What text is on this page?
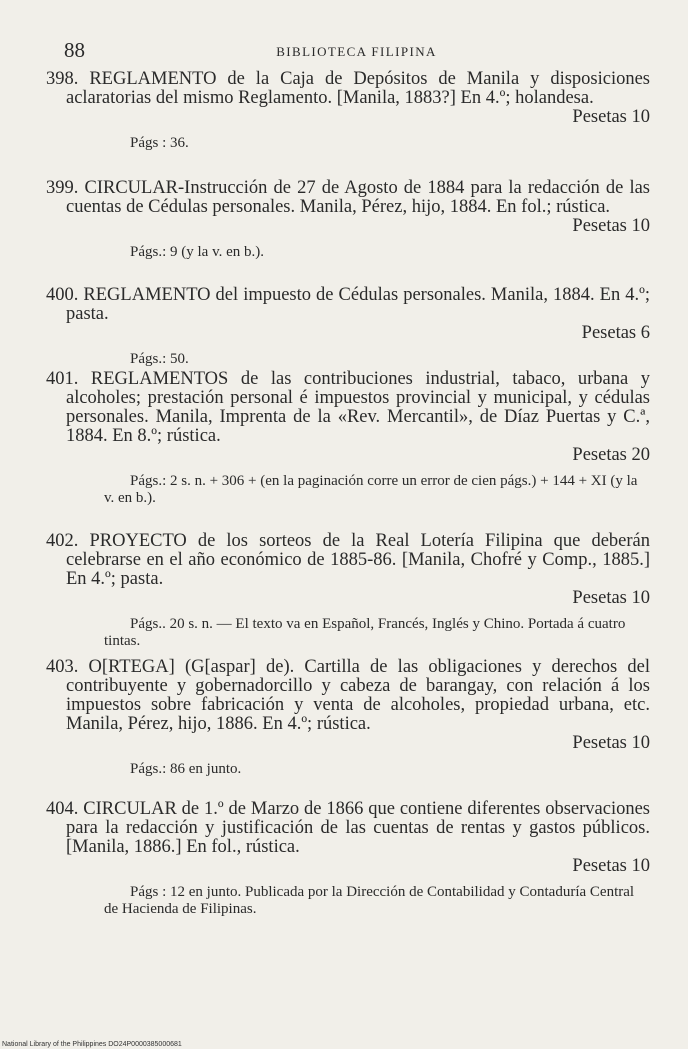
88	BIBLIOTECA FILIPINA
398. REGLAMENTO de la Caja de Depósitos de Manila y disposiciones aclaratorias del mismo Reglamento. [Manila, 1883?] En 4.º; holandesa.
Pesetas 10
Págs : 36.
399. CIRCULAR-Instrucción de 27 de Agosto de 1884 para la redacción de las cuentas de Cédulas personales. Manila, Pérez, hijo, 1884. En fol.; rústica.
Pesetas 10
Págs.: 9 (y la v. en b.).
400. REGLAMENTO del impuesto de Cédulas personales. Manila, 1884. En 4.º; pasta.
Pesetas 6
Págs.: 50.
401. REGLAMENTOS de las contribuciones industrial, tabaco, urbana y alcoholes; prestación personal é impuestos provincial y municipal, y cédulas personales. Manila, Imprenta de la «Rev. Mercantil», de Díaz Puertas y C.ª, 1884. En 8.º; rústica.
Pesetas 20
Págs.: 2 s. n. + 306 + (en la paginación corre un error de cien págs.) + 144 + XI (y la v. en b.).
402. PROYECTO de los sorteos de la Real Lotería Filipina que deberán celebrarse en el año económico de 1885-86. [Manila, Chofré y Comp., 1885.] En 4.º; pasta.
Pesetas 10
Págs.. 20 s. n. — El texto va en Español, Francés, Inglés y Chino. Portada á cuatro tintas.
403. O[RTEGA] (G[aspar] de). Cartilla de las obligaciones y derechos del contribuyente y gobernadorcillo y cabeza de barangay, con relación á los impuestos sobre fabricación y venta de alcoholes, propiedad urbana, etc. Manila, Pérez, hijo, 1886. En 4.º; rústica.
Pesetas 10
Págs.: 86 en junto.
404. CIRCULAR de 1.º de Marzo de 1866 que contiene diferentes observaciones para la redacción y justificación de las cuentas de rentas y gastos públicos. [Manila, 1886.] En fol., rústica.
Pesetas 10
Págs : 12 en junto. Publicada por la Dirección de Contabilidad y Contaduría Central de Hacienda de Filipinas.
National Library of the Philippines DO24P0000385000681
